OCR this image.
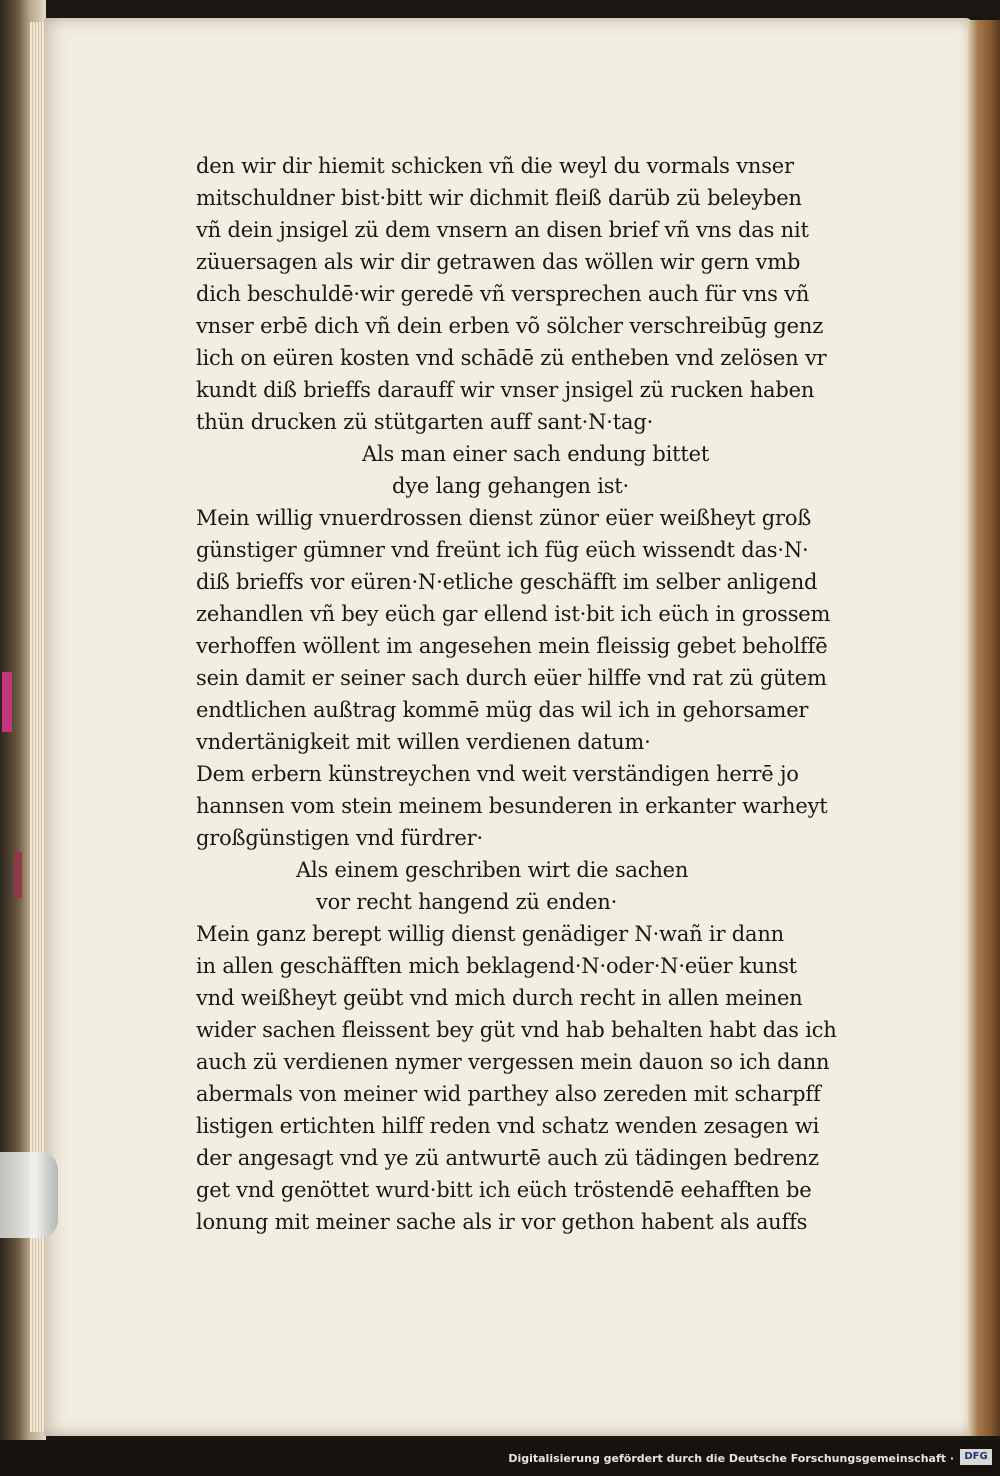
den wir dir hiemit schicken vñ die weyl du vormals vnser
mitschuldner bist·bitt wir dichmit fleiß darüb zü beleyben
vñ dein jnsigel zü dem vnsern an disen brief vñ vns das nit
züuersagen als wir dir getrawen das wöllen wir gern vmb
dich beschuldē·wir geredē vñ versprechen auch für vns vñ
vnser erbē dich vñ dein erben võ sölcher verschreibūg genz
lich on eüren kosten vnd schādē zü entheben vnd zelösen vr
kundt diß brieffs darauff wir vnser jnsigel zü rucken haben
thün drucken zü stütgarten auff sant·N·tag·
Als man einer sach endung bittet
dye lang gehangen ist·
Mein willig vnuerdrossen dienst zünor eüer weißheyt groß
günstiger gümner vnd freünt ich füg eüch wissendt das·N·
diß brieffs vor eüren·N·etliche geschäfft im selber anligend
zehandlen vñ bey eüch gar ellend ist·bit ich eüch in grossem
verhoffen wöllent im angesehen mein fleissig gebet beholffē
sein damit er seiner sach durch eüer hilffe vnd rat zü gütem
endtlichen außtrag kommē müg das wil ich in gehorsamer
vndertänigkeit mit willen verdienen datum·
Dem erbern künstreychen vnd weit verständigen herrē jo
hannsen vom stein meinem besunderen in erkanter warheyt
großgünstigen vnd fürdrer·
Als einem geschriben wirt die sachen
vor recht hangend zü enden·
Mein ganz berept willig dienst genädiger N·wañ ir dann
in allen geschäfften mich beklagend·N·oder·N·eüer kunst
vnd weißheyt geübt vnd mich durch recht in allen meinen
wider sachen fleissent bey güt vnd hab behalten habt das ich
auch zü verdienen nymer vergessen mein dauon so ich dann
abermals von meiner wid parthey also zereden mit scharpff
listigen ertichten hilff reden vnd schatz wenden zesagen wi
der angesagt vnd ye zü antwurtē auch zü tädingen bedrenz
get vnd genöttet wurd·bitt ich eüch tröstendē eehafften be
lonung mit meiner sache als ir vor gethon habent als auffs
Digitalisierung gefördert durch die Deutsche Forschungsgemeinschaft ·	DFG
